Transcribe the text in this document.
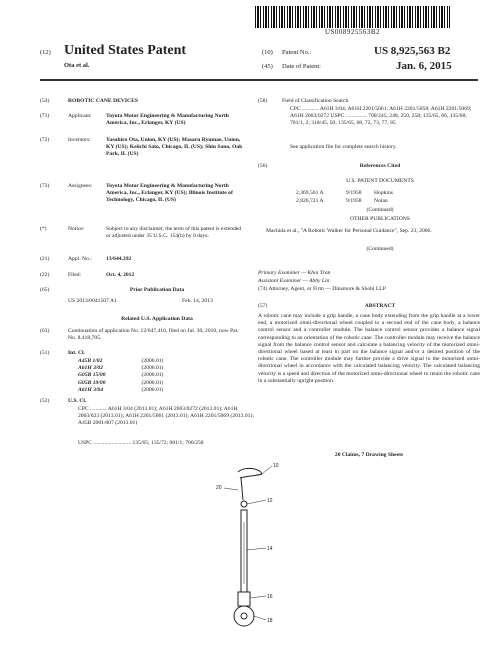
US008925563B2
(12) United States Patent
Ota et al.
(10) Patent No.:	US 8,925,563 B2
(45) Date of Patent:	Jan. 6, 2015
(54)	ROBOTIC CANE DEVICES
(71)	Applicant:	Toyota Motor Engineering & Manufacturing North America, Inc., Erlanger, KY (US)
(72)	Inventors:	Yasuhiro Ota, Union, KY (US); Masaru Ryumae, Union, KY (US); Keiichi Sato, Chicago, IL (US); Shin Sano, Oak Park, IL (US)
(73)	Assignees: Toyota Motor Engineering & Manufacturing North America, Inc., Erlanger, KY (US); Illinois Institute of Technology, Chicago, IL (US)
(*)	Notice:	Subject to any disclaimer, the term of this patent is extended or adjusted under 35 U.S.C. 154(b) by 0 days.
(21)	Appl. No.:	13/644,392
(22)	Filed:	Oct. 4, 2012
(65)	Prior Publication Data
US 2013/0041507 A1	Feb. 14, 2013
Related U.S. Application Data
(63)	Continuation of application No. 12/647,410, filed on Jul. 30, 2010, now Pat. No. 8,418,705.
(51)	Int. Cl.
A45B 1/02	(2006.01)
A61H 3/02	(2006.01)
G05B 15/00	(2006.01)
G05B 19/00	(2006.01)
A61H 3/04	(2006.01)
(52)	U.S. Cl.
CPC ............ A61H 3/04 (2013.01); A61H 2003/0272 (2013.01); A61H 2003/023 (2013.01); A61H 2201/5061 (2013.01); A61H 2201/5069 (2013.01); A45B 2001/007 (2013.01)
USPC ........................... 135/65; 135/72; 901/1; 700/258
(58)	Field of Classification Search
CPC ............ A61H 3/04; A61H 2201/5061; A61H 2201/5058; A61H 2201/5069; A61H 2003/0272 USPC ............... 700/245, 248, 250, 258; 135/65, 66, 135/68; 701/1, 2; 318/45, 50; 135/65, 68, 72, 73, 77, 85
See application file for complete search history.
(56)	References Cited
U.S. PATENT DOCUMENTS
2,369,561 A	9/1958 Hopkins
2,826,721 A	9/1958 Nolan
(Continued)
OTHER PUBLICATIONS
Machida et al., "A Robotic Walker for Personal Guidance", Sep. 23, 2006.
(Continued)
Primary Examiner — Khoi Tran
Assistant Examiner — Abby Lin
(74) Attorney, Agent, or Firm — Dinsmore & Shohl LLP
(57)	ABSTRACT
A robotic cane may include a grip handle, a cane body extending from the grip handle at a lower end, a motorized omni-directional wheel coupled to a second end of the cane body, a balance control sensor and a controller module. The balance control sensor provides a balance signal corresponding to an orientation of the robotic cane. The controller module may receive the balance signal from the balance control sensor and calculate a balancing velocity of the motorized omni-directional wheel based at least in part on the balance signal and/or a desired position of the robotic cane. The controller module may further provide a drive signal to the motorized omni-directional wheel in accordance with the calculated balancing velocity. The calculated balancing velocity is a speed and direction of the motorized omni-directional wheel to retain the robotic cane in a substantially upright position.
20 Claims, 7 Drawing Sheets
10
12
14
16
18
20
